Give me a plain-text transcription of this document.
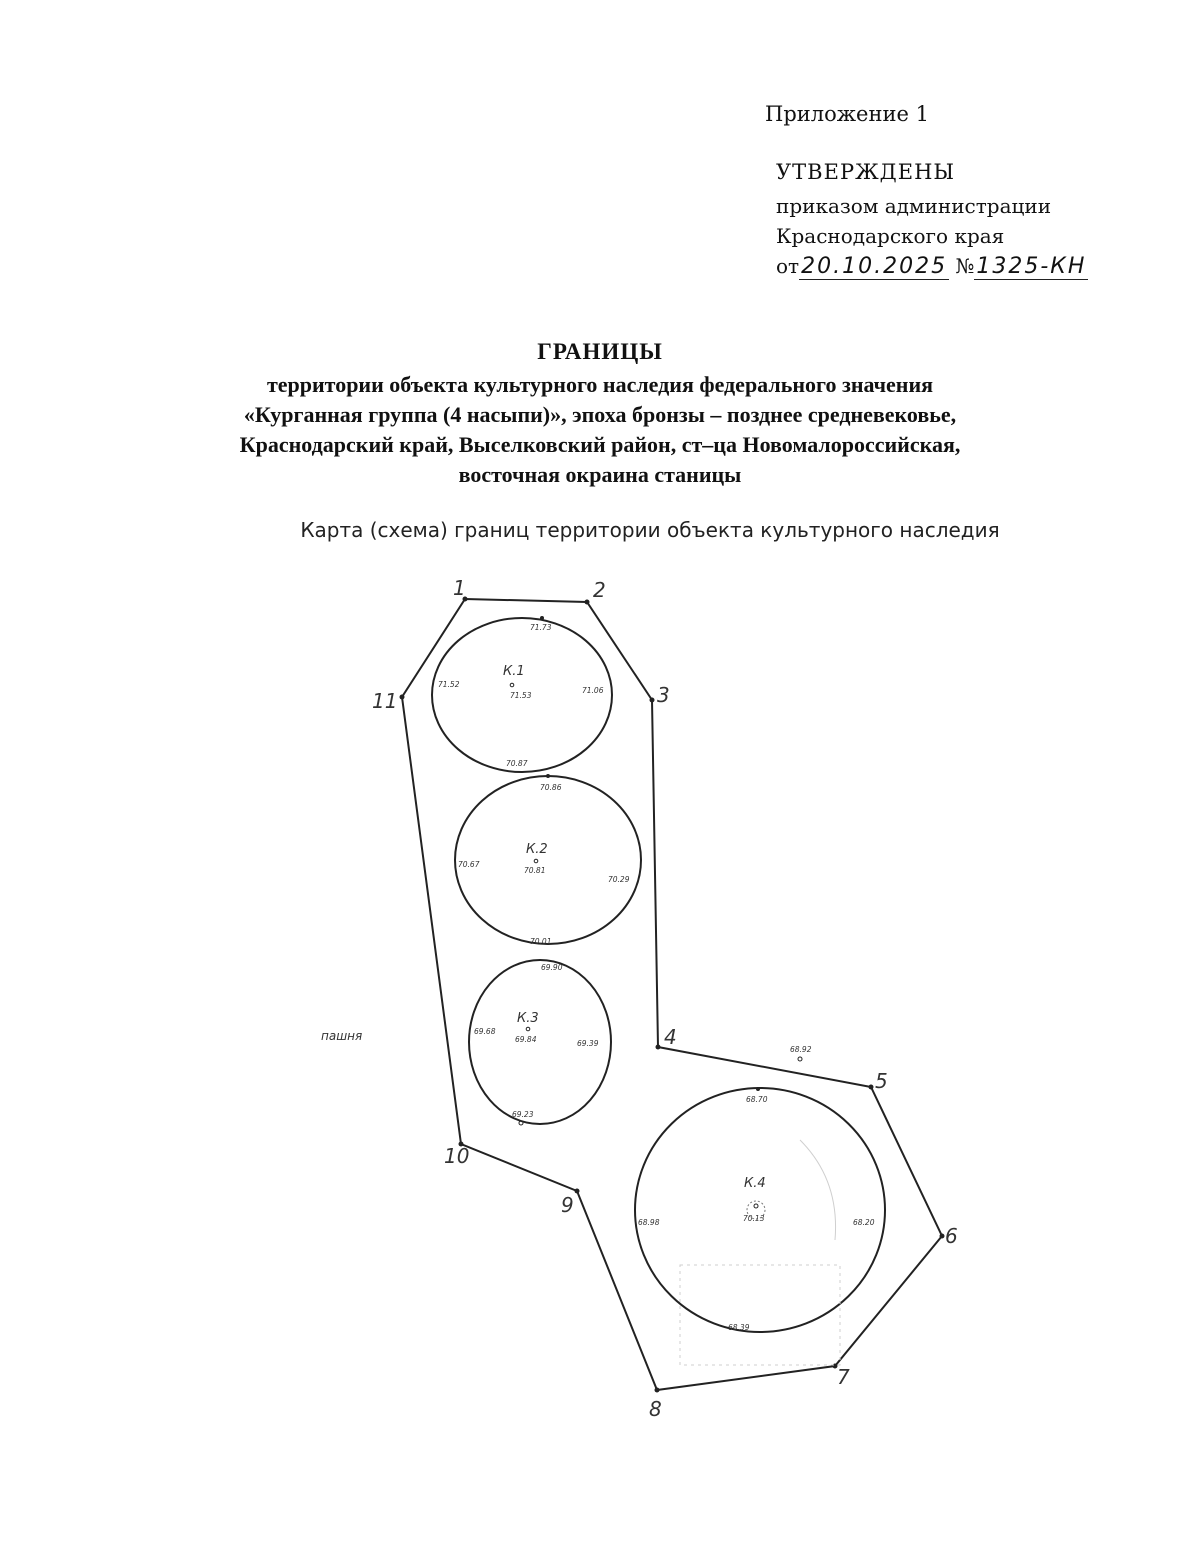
Приложение 1

УТВЕРЖДЕНЫ
приказом администрации
Краснодарского края
от20.10.2025 №1325-КН

ГРАНИЦЫ

территории объекта культурного наследия федерального значения

«Курганная группа (4 насыпи)», эпоха бронзы – позднее средневековье,

Краснодарский край, Выселковский район, ст–ца Новомалороссийская,

восточная окраина станицы

Карта (схема) границ территории объекта культурного наследия
1	2
3
4
5
6
7
8
9
10
11
пашня
К.1
71.53
71.73
71.52
71.06
70.87
К.2
70.81
70.86
70.67
70.29
70.01
К.3
69.84
69.90
69.68
69.39
69.23
68.92
К.4
70.13
68.70
68.98	68.20
68.39
